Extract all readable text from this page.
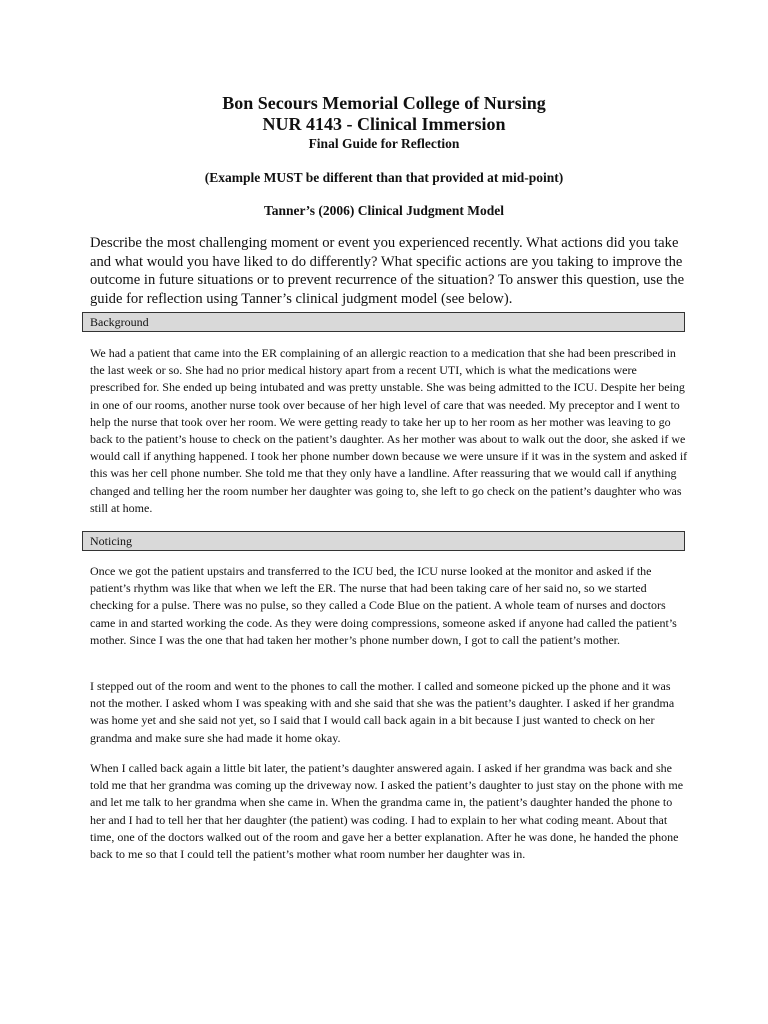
Bon Secours Memorial College of Nursing
NUR 4143 - Clinical Immersion
Final Guide for Reflection
(Example MUST be different than that provided at mid-point)
Tanner’s (2006) Clinical Judgment Model
Describe the most challenging moment or event you experienced recently. What actions did you take and what would you have liked to do differently? What specific actions are you taking to improve the outcome in future situations or to prevent recurrence of the situation? To answer this question, use the guide for reflection using Tanner’s clinical judgment model (see below).
Background
We had a patient that came into the ER complaining of an allergic reaction to a medication that she had been prescribed in the last week or so. She had no prior medical history apart from a recent UTI, which is what the medications were prescribed for. She ended up being intubated and was pretty unstable. She was being admitted to the ICU. Despite her being in one of our rooms, another nurse took over because of her high level of care that was needed. My preceptor and I went to help the nurse that took over her room. We were getting ready to take her up to her room as her mother was leaving to go back to the patient’s house to check on the patient’s daughter. As her mother was about to walk out the door, she asked if we would call if anything happened. I took her phone number down because we were unsure if it was in the system and asked if this was her cell phone number. She told me that they only have a landline. After reassuring that we would call if anything changed and telling her the room number her daughter was going to, she left to go check on the patient’s daughter who was still at home.
Noticing
Once we got the patient upstairs and transferred to the ICU bed, the ICU nurse looked at the monitor and asked if the patient’s rhythm was like that when we left the ER. The nurse that had been taking care of her said no, so we started checking for a pulse. There was no pulse, so they called a Code Blue on the patient. A whole team of nurses and doctors came in and started working the code. As they were doing compressions, someone asked if anyone had called the patient’s mother. Since I was the one that had taken her mother’s phone number down, I got to call the patient’s mother.
I stepped out of the room and went to the phones to call the mother. I called and someone picked up the phone and it was not the mother. I asked whom I was speaking with and she said that she was the patient’s daughter. I asked if her grandma was home yet and she said not yet, so I said that I would call back again in a bit because I just wanted to check on her grandma and make sure she had made it home okay.
When I called back again a little bit later, the patient’s daughter answered again. I asked if her grandma was back and she told me that her grandma was coming up the driveway now. I asked the patient’s daughter to just stay on the phone with me and let me talk to her grandma when she came in. When the grandma came in, the patient’s daughter handed the phone to her and I had to tell her that her daughter (the patient) was coding. I had to explain to her what coding meant. About that time, one of the doctors walked out of the room and gave her a better explanation. After he was done, he handed the phone back to me so that I could tell the patient’s mother what room number her daughter was in.
